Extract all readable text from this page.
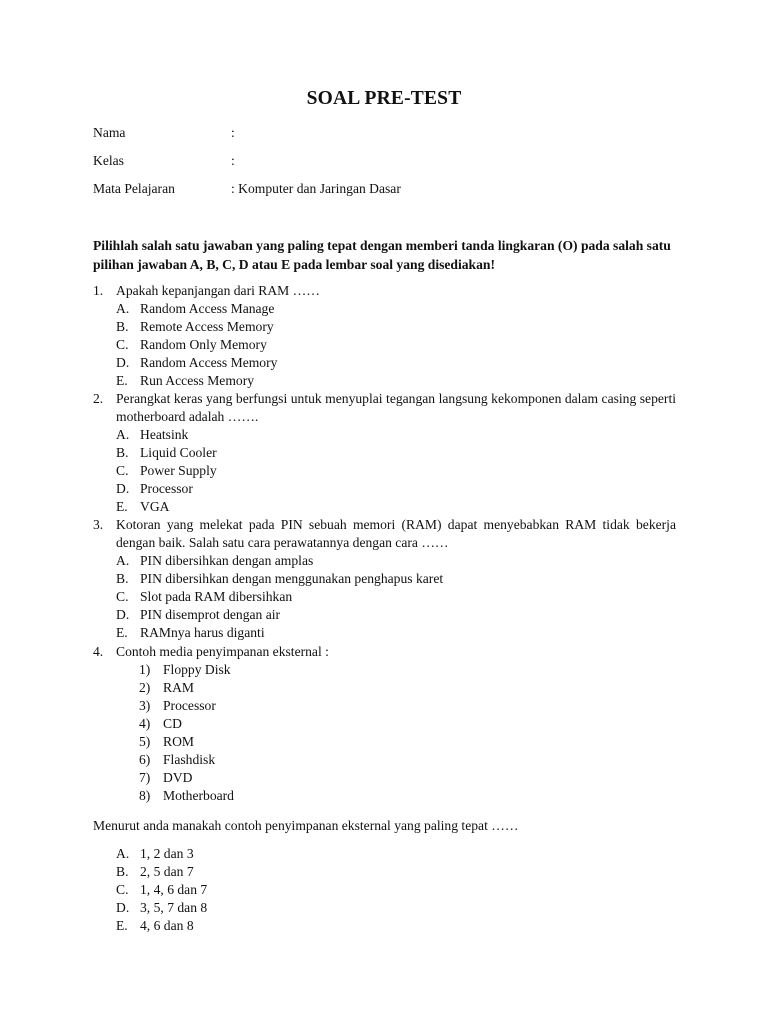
SOAL PRE-TEST
Nama	:
Kelas	:
Mata Pelajaran	: Komputer dan Jaringan Dasar
Pilihlah salah satu jawaban yang paling tepat dengan memberi tanda lingkaran (O) pada salah satu pilihan jawaban A, B, C, D atau E pada lembar soal yang disediakan!
1. Apakah kepanjangan dari RAM ……
A. Random Access Manage
B. Remote Access Memory
C. Random Only Memory
D. Random Access Memory
E. Run Access Memory
2. Perangkat keras yang berfungsi untuk menyuplai tegangan langsung kekomponen dalam casing seperti motherboard adalah …….
A. Heatsink
B. Liquid Cooler
C. Power Supply
D. Processor
E. VGA
3. Kotoran yang melekat pada PIN sebuah memori (RAM) dapat menyebabkan RAM tidak bekerja dengan baik. Salah satu cara perawatannya dengan cara ……
A. PIN dibersihkan dengan amplas
B. PIN dibersihkan dengan menggunakan penghapus karet
C. Slot pada RAM dibersihkan
D. PIN disemprot dengan air
E. RAMnya harus diganti
4. Contoh media penyimpanan eksternal :
1) Floppy Disk
2) RAM
3) Processor
4) CD
5) ROM
6) Flashdisk
7) DVD
8) Motherboard
Menurut anda manakah contoh penyimpanan eksternal yang paling tepat ……
A. 1, 2 dan 3
B. 2, 5 dan 7
C. 1, 4, 6 dan 7
D. 3, 5, 7 dan 8
E. 4, 6 dan 8
